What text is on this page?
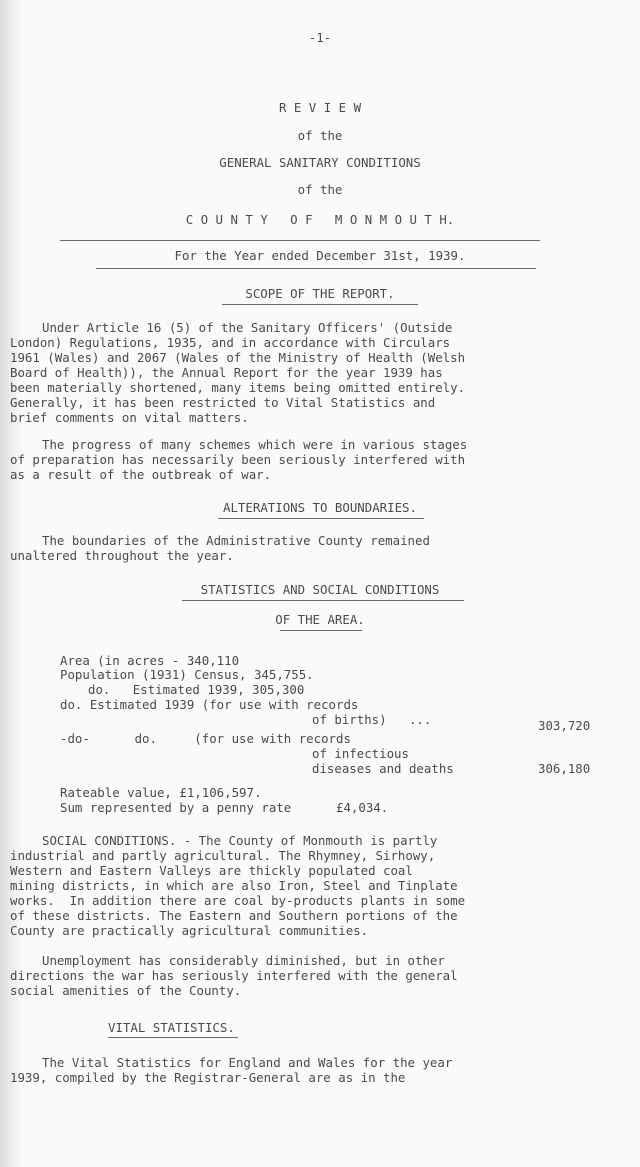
-1-
R E V I E W
of the
GENERAL SANITARY CONDITIONS
of the
C O U N T Y   O F   M O N M O U T H.
For the Year ended December 31st, 1939.
SCOPE OF THE REPORT.
Under Article 16 (5) of the Sanitary Officers' (Outside
London) Regulations, 1935, and in accordance with Circulars
1961 (Wales) and 2067 (Wales of the Ministry of Health (Welsh
Board of Health)), the Annual Report for the year 1939 has
been materially shortened, many items being omitted entirely.
Generally, it has been restricted to Vital Statistics and
brief comments on vital matters.
The progress of many schemes which were in various stages
of preparation has necessarily been seriously interfered with
as a result of the outbreak of war.
ALTERATIONS TO BOUNDARIES.
The boundaries of the Administrative County remained
unaltered throughout the year.
STATISTICS AND SOCIAL CONDITIONS
OF THE AREA.
Area (in acres - 340,110
Population (1931) Census, 345,755.
do.   Estimated 1939, 305,300
do. Estimated 1939 (for use with records
of births)   ...	303,720
-do-      do.     (for use with records
of infectious
diseases and deaths	306,180
Rateable value, £1,106,597.
Sum represented by a penny rate      £4,034.
SOCIAL CONDITIONS. - The County of Monmouth is partly
industrial and partly agricultural. The Rhymney, Sirhowy,
Western and Eastern Valleys are thickly populated coal
mining districts, in which are also Iron, Steel and Tinplate
works.  In addition there are coal by-products plants in some
of these districts. The Eastern and Southern portions of the
County are practically agricultural communities.
Unemployment has considerably diminished, but in other
directions the war has seriously interfered with the general
social amenities of the County.
VITAL STATISTICS.
The Vital Statistics for England and Wales for the year
1939, compiled by the Registrar-General are as in the
